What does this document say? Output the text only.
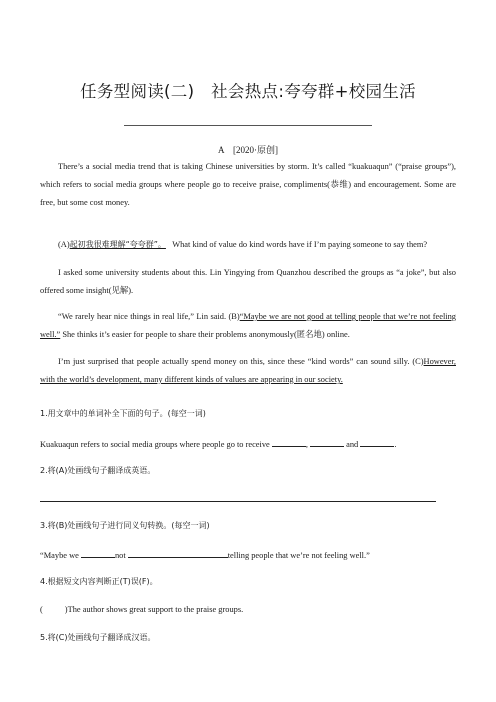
任务型阅读(二)　社会热点:夸夸群+校园生活
A　[2020·原创]

There’s a social media trend that is taking Chinese universities by storm. It’s called “kuakuaqun” (“praise groups”), which refers to social media groups where people go to receive praise, compliments(恭维) and encouragement. Some are free, but some cost money.

(A)起初我很难理解“夸夸群”。 What kind of value do kind words have if I’m paying someone to say them?

I asked some university students about this. Lin Yingying from Quanzhou described the groups as “a joke”, but also offered some insight(见解).

“We rarely hear nice things in real life,” Lin said. (B)“Maybe we are not good at telling people that we’re not feeling well.” She thinks it’s easier for people to share their problems anonymously(匿名地) online.

I’m just surprised that people actually spend money on this, since these “kind words” can sound silly. (C)However, with the world’s development, many different kinds of values are appearing in our society.

1.用文章中的单词补全下面的句子。(每空一词)
Kuakuaqun refers to social media groups where people go to receive	,	and	.
2.将(A)处画线句子翻译成英语。
3.将(B)处画线句子进行同义句转换。(每空一词)
“Maybe we	not	telling people that we’re not feeling well.”
4.根据短文内容判断正(T)误(F)。
(	)The author shows great support to the praise groups.
5.将(C)处画线句子翻译成汉语。
